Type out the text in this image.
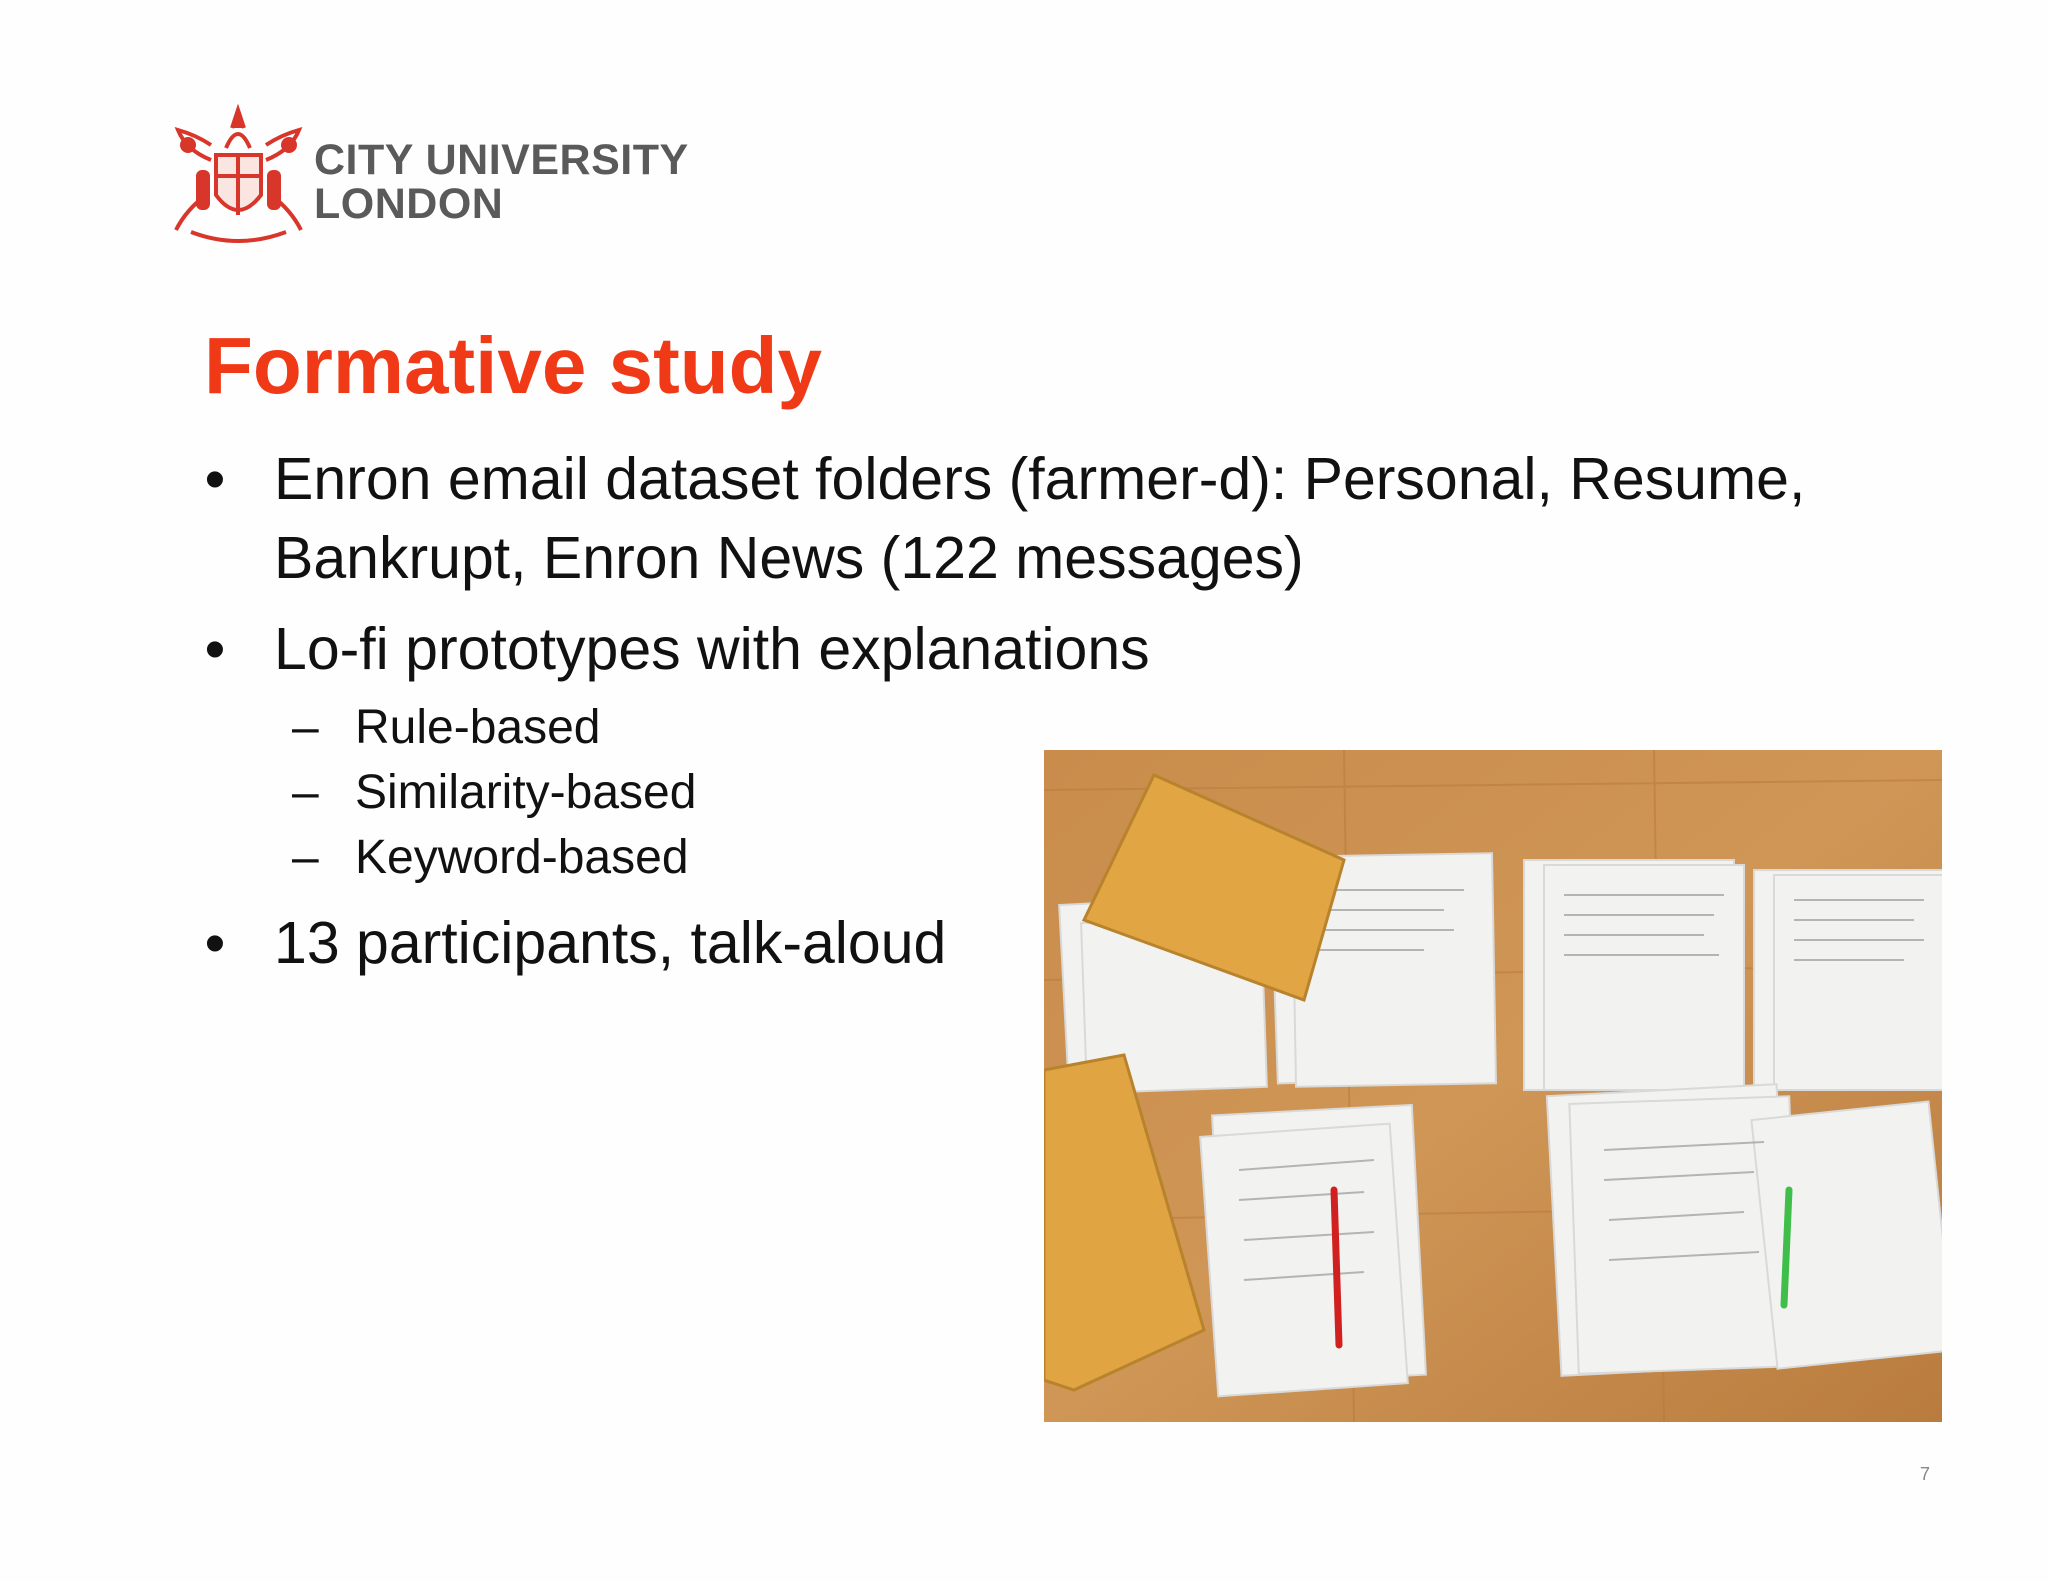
CITY UNIVERSITY
LONDON
Formative study
• Enron email dataset folders (farmer-d): Personal, Resume, Bankrupt, Enron News (122 messages)
• Lo-fi prototypes with explanations
– Rule-based
– Similarity-based
– Keyword-based
• 13 participants, talk-aloud
7
